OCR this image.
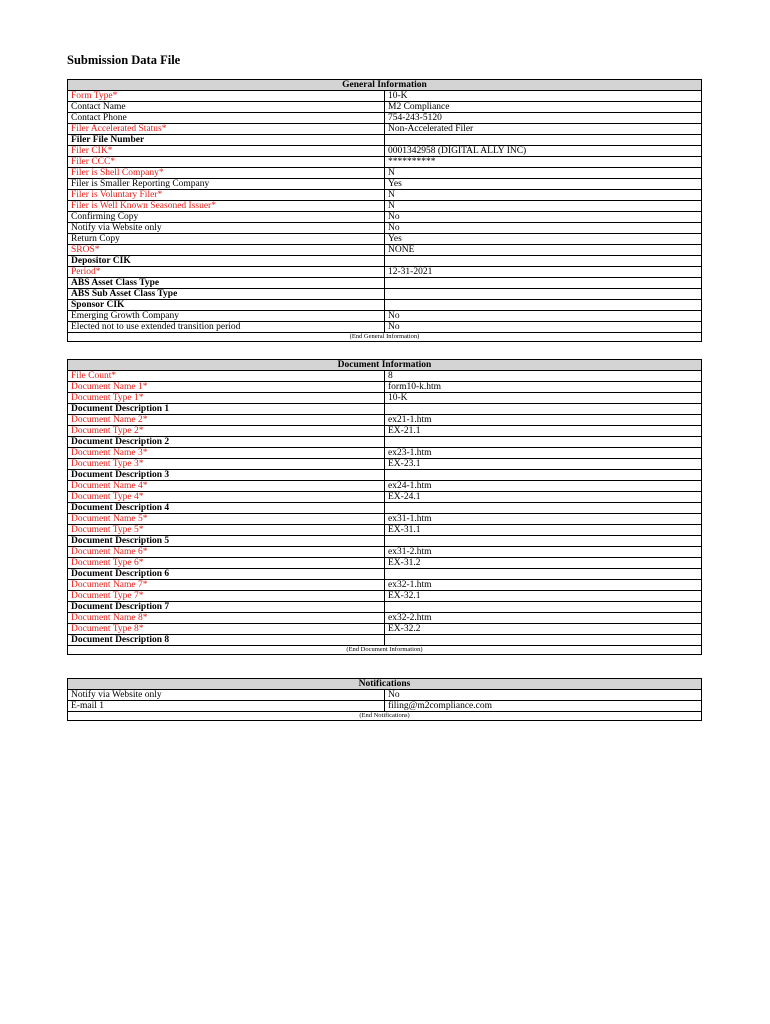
Submission Data File
General Information	
Form Type*	10-K
Contact Name	M2 Compliance
Contact Phone	754-243-5120
Filer Accelerated Status*	Non-Accelerated Filer
Filer File Number	
Filer CIK*	0001342958 (DIGITAL ALLY INC)
Filer CCC*	**********
Filer is Shell Company*	N
Filer is Smaller Reporting Company	Yes
Filer is Voluntary Filer*	N
Filer is Well Known Seasoned Issuer*	N
Confirming Copy	No
Notify via Website only	No
Return Copy	Yes
SROS*	NONE
Depositor CIK	
Period*	12-31-2021
ABS Asset Class Type	
ABS Sub Asset Class Type	
Sponsor CIK	
Emerging Growth Company	No
Elected not to use extended transition period	No
(End General Information)	
Document Information	
File Count*	8
Document Name 1*	form10-k.htm
Document Type 1*	10-K
Document Description 1	
Document Name 2*	ex21-1.htm
Document Type 2*	EX-21.1
Document Description 2	
Document Name 3*	ex23-1.htm
Document Type 3*	EX-23.1
Document Description 3	
Document Name 4*	ex24-1.htm
Document Type 4*	EX-24.1
Document Description 4	
Document Name 5*	ex31-1.htm
Document Type 5*	EX-31.1
Document Description 5	
Document Name 6*	ex31-2.htm
Document Type 6*	EX-31.2
Document Description 6	
Document Name 7*	ex32-1.htm
Document Type 7*	EX-32.1
Document Description 7	
Document Name 8*	ex32-2.htm
Document Type 8*	EX-32.2
Document Description 8	
(End Document Information)	
Notifications	
Notify via Website only	No
E-mail 1	filing@m2compliance.com
(End Notifications)	
